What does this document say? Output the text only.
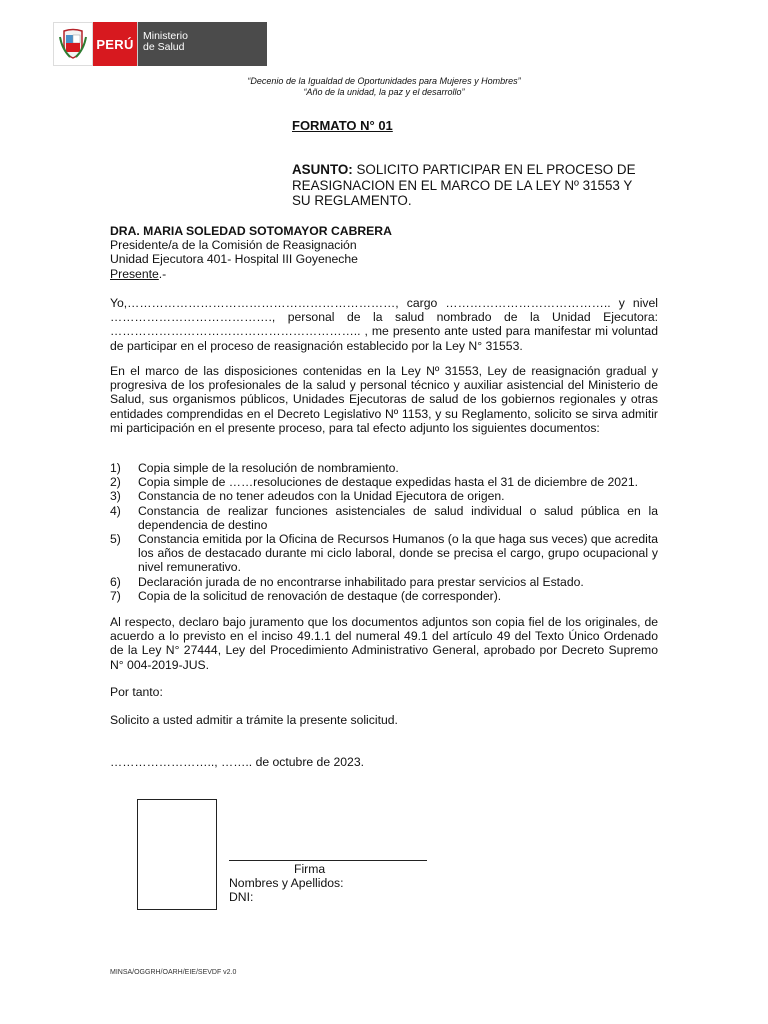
PERÚ
Ministerio
de Salud
“Decenio de la Igualdad de Oportunidades para Mujeres y Hombres”
“Año de la unidad, la paz y el desarrollo”
FORMATO N° 01
ASUNTO: SOLICITO PARTICIPAR EN EL PROCESO DE REASIGNACION EN EL MARCO DE LA LEY Nº 31553 Y SU REGLAMENTO.
DRA. MARIA SOLEDAD SOTOMAYOR CABRERA
Presidente/a de la Comisión de Reasignación
Unidad Ejecutora 401- Hospital III Goyeneche
Presente.-
Yo,…………………………………………………………, cargo ………………………………….. y nivel …………………………………., personal de la salud nombrado de la Unidad Ejecutora: …………………………………………………….. , me presento ante usted para manifestar mi voluntad de participar en el proceso de reasignación establecido por la Ley N° 31553.
En el marco de las disposiciones contenidas en la Ley Nº 31553, Ley de reasignación gradual y progresiva de los profesionales de la salud y personal técnico y auxiliar asistencial del Ministerio de Salud, sus organismos públicos, Unidades Ejecutoras de salud de los gobiernos regionales y otras entidades comprendidas en el Decreto Legislativo Nº 1153, y su Reglamento, solicito se sirva admitir mi participación en el presente proceso, para tal efecto adjunto los siguientes documentos:
1)	Copia simple de la resolución de nombramiento.
2)	Copia simple de ……resoluciones de destaque expedidas hasta el 31 de diciembre de 2021.
3)	Constancia de no tener adeudos con la Unidad Ejecutora de origen.
4)	Constancia de realizar funciones asistenciales de salud individual o salud pública en la dependencia de destino
5)	Constancia emitida por la Oficina de Recursos Humanos (o la que haga sus veces) que acredita los años de destacado durante mi ciclo laboral, donde se precisa el cargo, grupo ocupacional y nivel remunerativo.
6)	Declaración jurada de no encontrarse inhabilitado para prestar servicios al Estado.
7)	Copia de la solicitud de renovación de destaque (de corresponder).
Al respecto, declaro bajo juramento que los documentos adjuntos son copia fiel de los originales, de acuerdo a lo previsto en el inciso 49.1.1 del numeral 49.1 del artículo 49 del Texto Único Ordenado de la Ley N° 27444, Ley del Procedimiento Administrativo General, aprobado por Decreto Supremo N° 004-2019-JUS.
Por tanto:
Solicito a usted admitir a trámite la presente solicitud.
…………………….., …….. de octubre de 2023.
Firma
Nombres y Apellidos:
DNI:
MINSA/OGGRH/OARH/EIE/SEVDF v2.0
